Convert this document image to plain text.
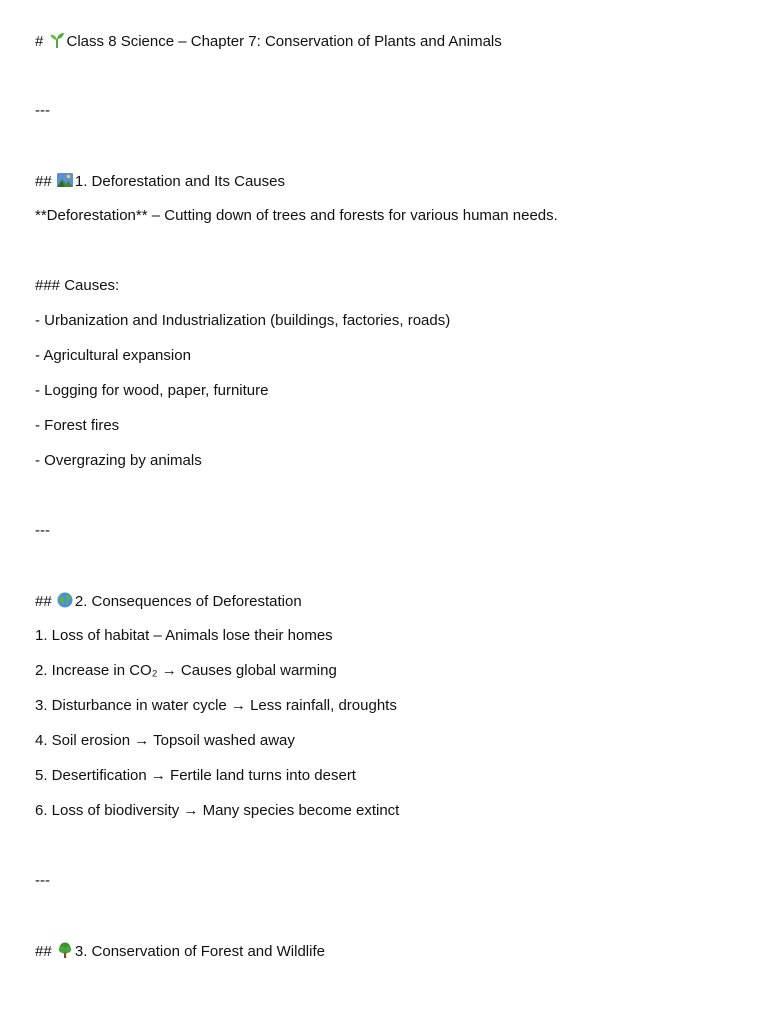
# Class 8 Science – Chapter 7: Conservation of Plants and Animals
---
## 1. Deforestation and Its Causes
**Deforestation** – Cutting down of trees and forests for various human needs.
### Causes:
- Urbanization and Industrialization (buildings, factories, roads)
- Agricultural expansion
- Logging for wood, paper, furniture
- Forest fires
- Overgrazing by animals
---
## 2. Consequences of Deforestation
1. Loss of habitat – Animals lose their homes
2. Increase in CO₂ → Causes global warming
3. Disturbance in water cycle → Less rainfall, droughts
4. Soil erosion → Topsoil washed away
5. Desertification → Fertile land turns into desert
6. Loss of biodiversity → Many species become extinct
---
## 3. Conservation of Forest and Wildlife
